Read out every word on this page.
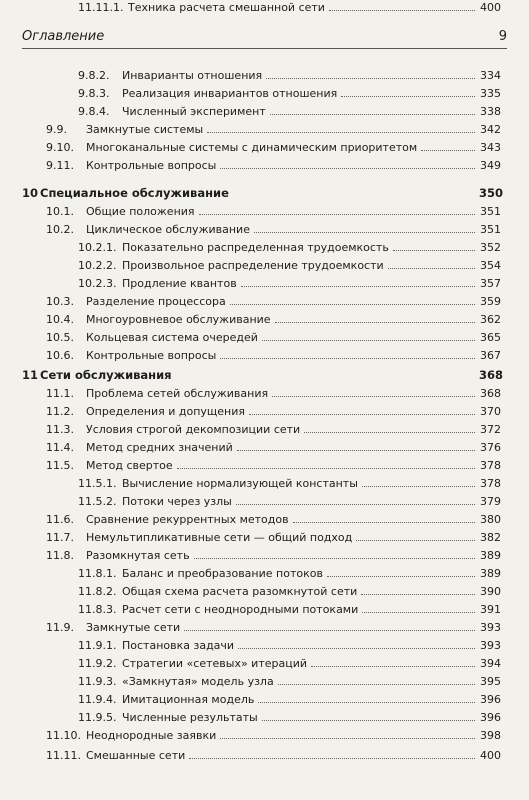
Оглавление	9
9.8.2.	Инварианты отношения	334
9.8.3.	Реализация инвариантов отношения	335
9.8.4.	Численный эксперимент	338
9.9.	Замкнутые системы	342
9.10.	Многоканальные системы с динамическим приоритетом	343
9.11.	Контрольные вопросы	349
10 Специальное обслуживание	350
10.1.	Общие положения	351
10.2.	Циклическое обслуживание	351
10.2.1. Показательно распределенная трудоемкость	352
10.2.2. Произвольное распределение трудоемкости	354
10.2.3. Продление квантов	357
10.3.	Разделение процессора	359
10.4.	Многоуровневое обслуживание	362
10.5.	Кольцевая система очередей	365
10.6.	Контрольные вопросы	367
11 Сети обслуживания	368
11.1.	Проблема сетей обслуживания	368
11.2.	Определения и допущения	370
11.3.	Условия строгой декомпозиции сети	372
11.4.	Метод средних значений	376
11.5.	Метод свертое	378
11.5.1. Вычисление нормализующей константы	378
11.5.2. Потоки через узлы	379
11.6.	Сравнение рекуррентных методов	380
11.7.	Немультипликативные сети — общий подход	382
11.8.	Разомкнутая сеть	389
11.8.1. Баланс и преобразование потоков	389
11.8.2. Общая схема расчета разомкнутой сети	390
11.8.3. Расчет сети с неоднородными потоками	391
11.9.	Замкнутые сети	393
11.9.1. Постановка задачи	393
11.9.2. Стратегии «сетевых» итераций	394
11.9.3. «Замкнутая» модель узла	395
11.9.4. Имитационная модель	396
11.9.5. Численные результаты	396
11.10. Неоднородные заявки	398
11.11. Смешанные сети	400
11.11.1. Техника расчета смешанной сети	400
